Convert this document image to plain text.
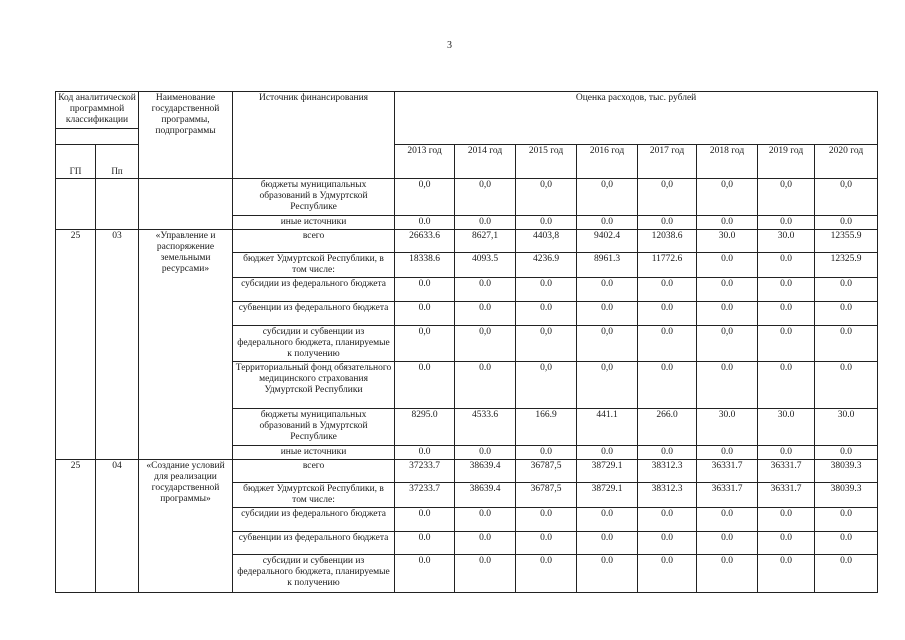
3
Код аналитической программной классификации		Наименование государственной программы, подпрограммы	Источник финансирования	Оценка расходов, тыс. рублей							

ГП	Пп			2013 год	2014 год	2015 год	2016 год	2017 год	2018 год	2019 год	2020 год
			бюджеты муниципальных образований в Удмуртской Республике	0,0	0,0	0,0	0,0	0,0	0,0	0,0	0,0
			иные источники	0.0	0.0	0.0	0.0	0.0	0.0	0.0	0.0
25	03	«Управление и распоряжение земельными ресурсами»	всего	26633.6	8627,1	4403,8	9402.4	12038.6	30.0	30.0	12355.9
			бюджет Удмуртской Республики, в том числе:	18338.6	4093.5	4236.9	8961.3	11772.6	0.0	0.0	12325.9
			субсидии из федерального бюджета	0.0	0.0	0.0	0.0	0.0	0.0	0.0	0.0
			субвенции из федерального бюджета	0.0	0.0	0.0	0.0	0.0	0.0	0.0	0.0
			субсидии и субвенции из федерального бюджета, планируемые к получению	0,0	0,0	0,0	0,0	0.0	0,0	0.0	0.0
			Территориальный фонд обязательного медицинского страхования Удмуртской Республики	0.0	0.0	0,0	0,0	0.0	0.0	0.0	0.0
			бюджеты муниципальных образований в Удмуртской Республике	8295.0	4533.6	166.9	441.1	266.0	30.0	30.0	30.0
			иные источники	0.0	0.0	0.0	0.0	0.0	0.0	0.0	0.0
25	04	«Создание условий для реализации государственной программы»	всего	37233.7	38639.4	36787,5	38729.1	38312.3	36331.7	36331.7	38039.3
			бюджет Удмуртской Республики, в том числе:	37233.7	38639.4	36787,5	38729.1	38312.3	36331.7	36331.7	38039.3
			субсидии из федерального бюджета	0.0	0.0	0.0	0.0	0.0	0.0	0.0	0.0
			субвенции из федерального бюджета	0.0	0.0	0.0	0.0	0.0	0.0	0.0	0.0
			субсидии и субвенции из федерального бюджета, планируемые к получению	0.0	0.0	0.0	0.0	0.0	0.0	0.0	0.0
